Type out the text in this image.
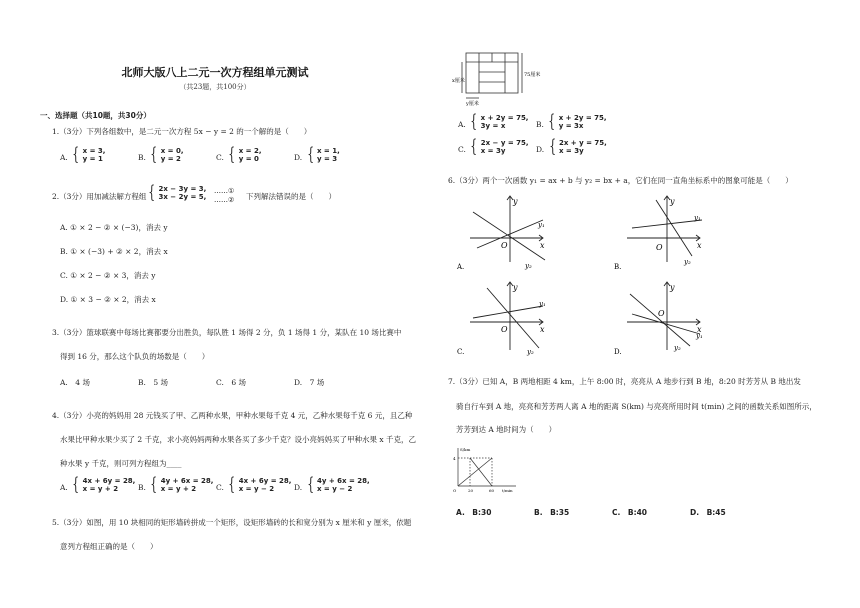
北师大版八上二元一次方程组单元测试
（共23题，共100分）
一、选择题（共10题，共30分）
1.（3分）下列各组数中，是二元一次方程 5x − y = 2 的一个解的是（　　）
A. { x = 3,
y = 1	B. { x = 0,
y = 2	C. { x = 2,
y = 0	D. { x = 1,
y = 3
2.（3分）用加减法解方程组 { 2x − 3y = 3,
3x − 2y = 5,
……①
……② 下列解法错误的是（　　）
A. ① × 2 − ② × (−3)，消去 y
B. ① × (−3) + ② × 2，消去 x
C. ① × 2 − ② × 3，消去 y
D. ① × 3 − ② × 2，消去 x
3.（3分）篮球联赛中每场比赛都要分出胜负，每队胜 1 场得 2 分，负 1 场得 1 分，某队在 10 场比赛中
得到 16 分，那么这个队负的场数是（　　）
A.　4 场	B.　5 场	C.　6 场	D.　7 场
4.（3分）小亮的妈妈用 28 元钱买了甲、乙两种水果，甲种水果每千克 4 元，乙种水果每千克 6 元，且乙种
水果比甲种水果少买了 2 千克，求小亮妈妈两种水果各买了多少千克？设小亮妈妈买了甲种水果 x 千克，乙
种水果 y 千克，则可列方程组为____
A. { 4x + 6y = 28,
x = y + 2	B. { 4y + 6x = 28,
x = y + 2	C. { 4x + 6y = 28,
x = y − 2	D. { 4y + 6x = 28,
x = y − 2
5.（3分）如图，用 10 块相同的矩形墙砖拼成一个矩形，设矩形墙砖的长和宽分别为 x 厘米和 y 厘米，依题
意列方程组正确的是（　　）
75厘米
x厘米
y厘米
A. { x + 2y = 75,
3y = x	B. { x + 2y = 75,
y = 3x
C. { 2x − y = 75,
x = 3y	D. { 2x + y = 75,
x = 3y
6.（3分）两个一次函数 y₁ = ax + b 与 y₂ = bx + a，它们在同一直角坐标系中的图象可能是（　　）
x
y
O
y₁
y₂
A.
x
y
O
y₁
y₂
B.
x
y
O
y₁
y₂
C.
x
y
O
y₁
y₂
D.
7.（3分）已知 A，B 两地相距 4 km，上午 8:00 时，亮亮从 A 地步行到 B 地，8:20 时芳芳从 B 地出发
骑自行车到 A 地，亮亮和芳芳两人离 A 地的距离 S(km) 与亮亮所用时间 t(min) 之间的函数关系如图所示，
芳芳到达 A 地时间为（　　）
S/km
4
20	60 t/min
O
A.　B:30	B.　B:35	C.　B:40	D.　B:45
